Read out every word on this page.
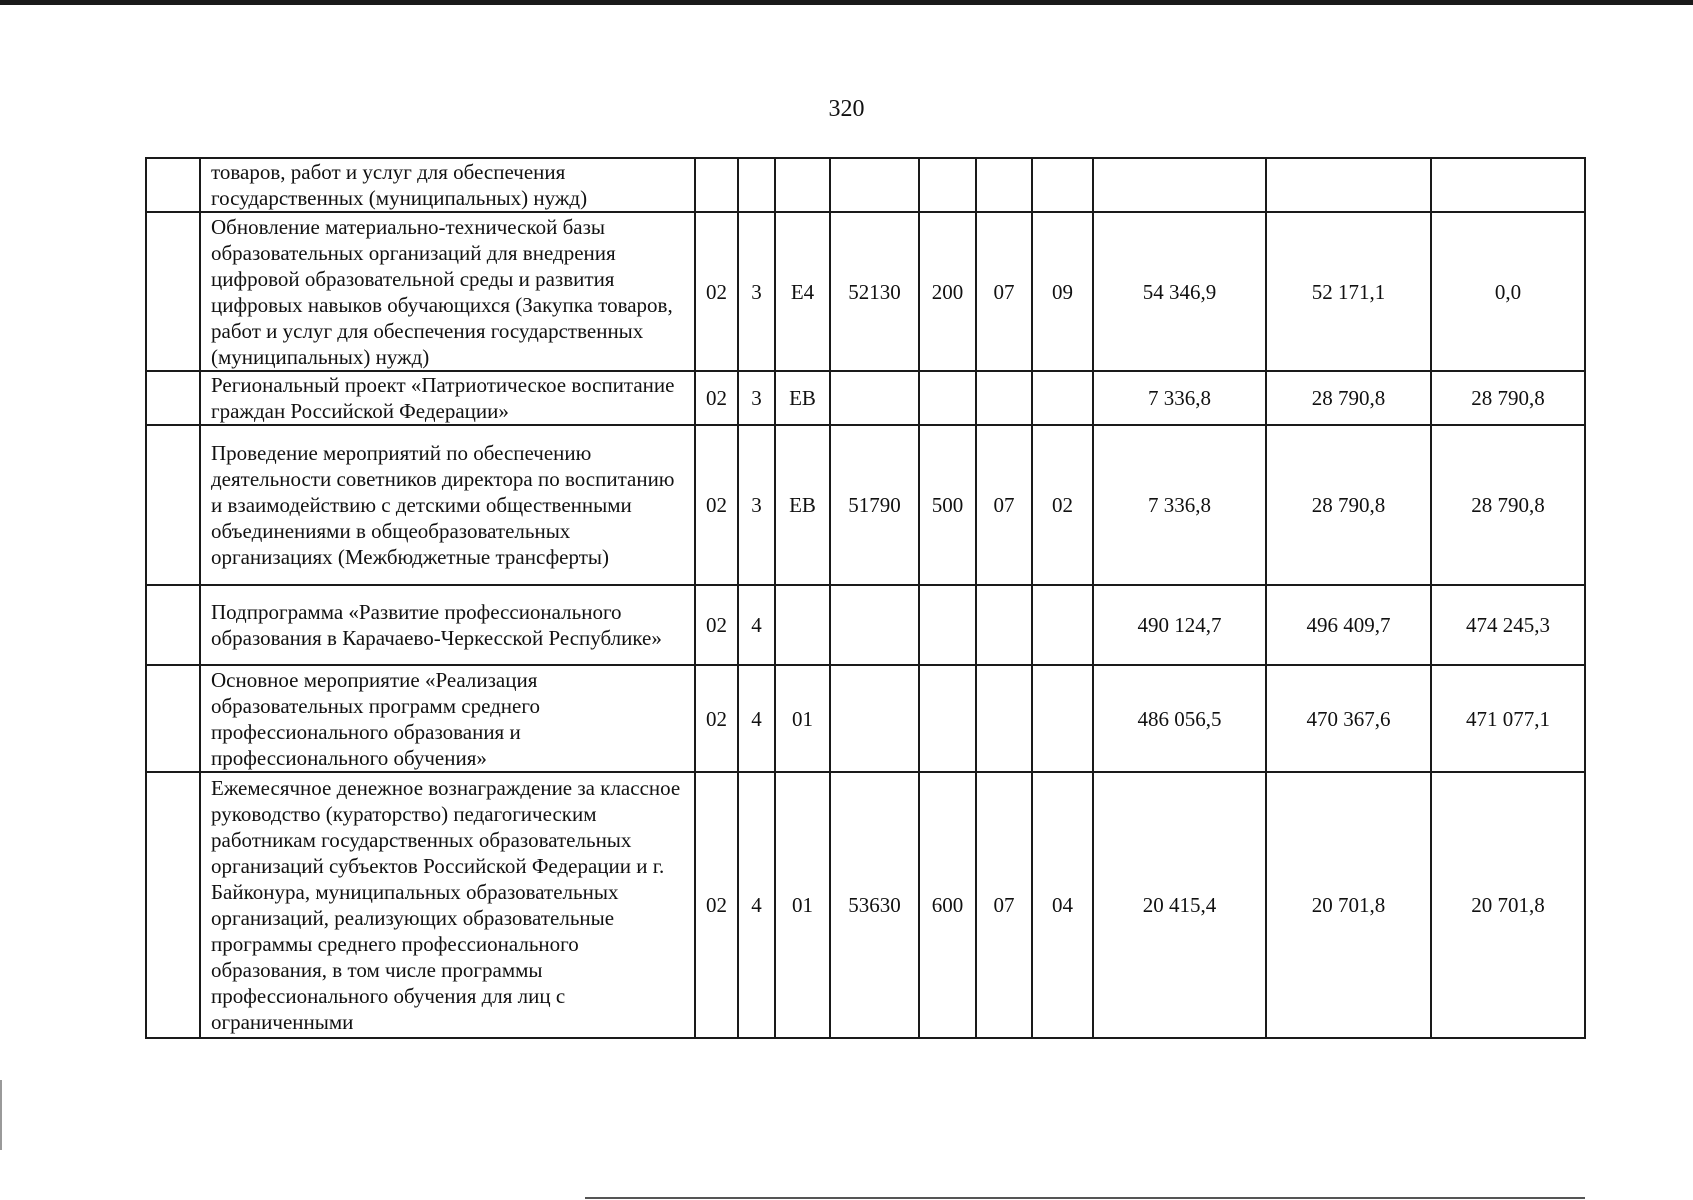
320
	товаров, работ и услуг для обеспечения государственных (муниципальных) нужд)										
	Обновление материально-технической базы образовательных организаций для внедрения цифровой образовательной среды и развития цифровых навыков обучающихся (Закупка товаров, работ и услуг для обеспечения государственных (муниципальных) нужд)	02	3	Е4	52130	200	07	09	54 346,9	52 171,1	0,0
	Региональный проект «Патриотическое воспитание граждан Российской Федерации»	02	3	ЕВ					7 336,8	28 790,8	28 790,8
	Проведение мероприятий по обеспечению деятельности советников директора по воспитанию и взаимодействию с детскими общественными объединениями в общеобразовательных организациях (Межбюджетные трансферты)	02	3	ЕВ	51790	500	07	02	7 336,8	28 790,8	28 790,8
	Подпрограмма «Развитие профессионального образования в Карачаево-Черкесской Республике»	02	4						490 124,7	496 409,7	474 245,3
	Основное мероприятие «Реализация образовательных программ среднего профессионального образования и профессионального обучения»	02	4	01					486 056,5	470 367,6	471 077,1
	Ежемесячное денежное вознаграждение за классное руководство (кураторство) педагогическим работникам государственных образовательных организаций субъектов Российской Федерации и г. Байконура, муниципальных образовательных организаций, реализующих образовательные программы среднего профессионального образования, в том числе программы профессионального обучения для лиц с ограниченными	02	4	01	53630	600	07	04	20 415,4	20 701,8	20 701,8
